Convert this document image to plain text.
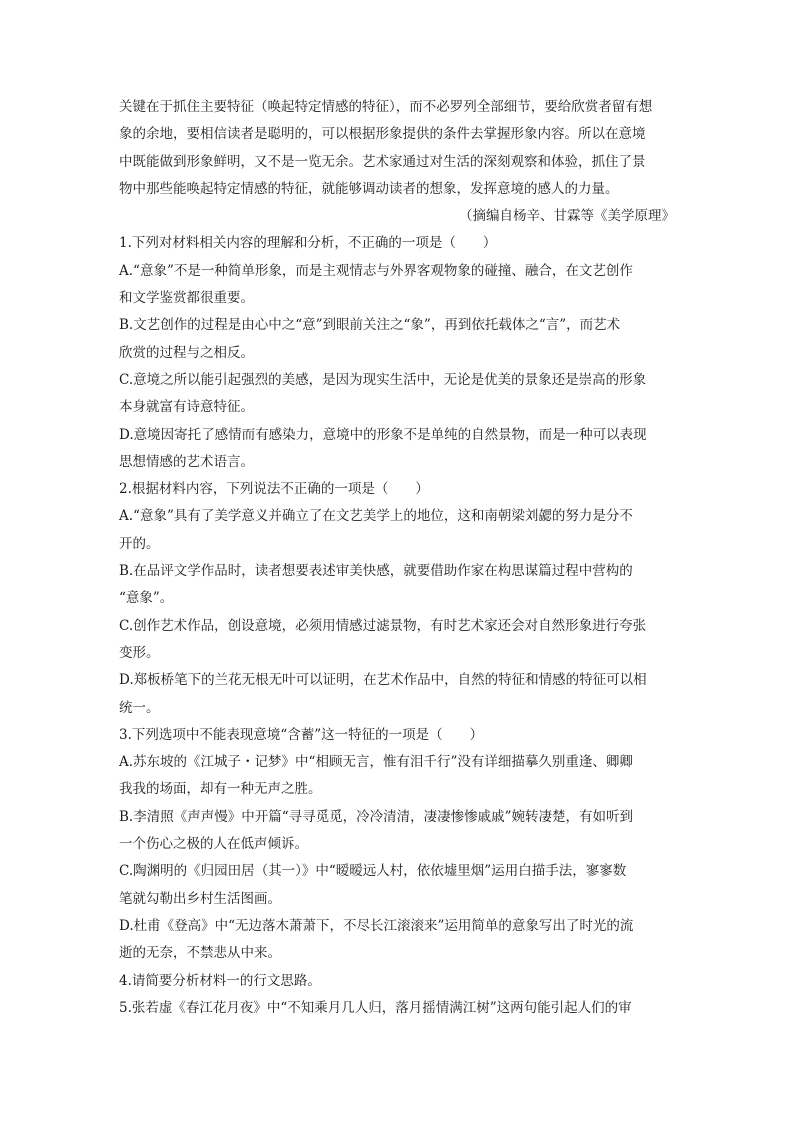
关键在于抓住主要特征（唤起特定情感的特征），而不必罗列全部细节，要给欣赏者留有想

象的余地，要相信读者是聪明的，可以根据形象提供的条件去掌握形象内容。所以在意境

中既能做到形象鲜明，又不是一览无余。艺术家通过对生活的深刻观察和体验，抓住了景

物中那些能唤起特定情感的特征，就能够调动读者的想象，发挥意境的感人的力量。

（摘编自杨辛、甘霖等《美学原理》

1.下列对材料相关内容的理解和分析，不正确的一项是（　　）

A.“意象”不是一种简单形象，而是主观情志与外界客观物象的碰撞、融合，在文艺创作

和文学鉴赏都很重要。

B.文艺创作的过程是由心中之“意”到眼前关注之“象”，再到依托载体之“言”，而艺术

欣赏的过程与之相反。

C.意境之所以能引起强烈的美感，是因为现实生活中，无论是优美的景象还是崇高的形象

本身就富有诗意特征。

D.意境因寄托了感情而有感染力，意境中的形象不是单纯的自然景物，而是一种可以表现

思想情感的艺术语言。

2.根据材料内容，下列说法不正确的一项是（　　）

A.“意象”具有了美学意义并确立了在文艺美学上的地位，这和南朝梁刘勰的努力是分不

开的。

B.在品评文学作品时，读者想要表述审美快感，就要借助作家在构思谋篇过程中营构的

“意象”。

C.创作艺术作品，创设意境，必须用情感过滤景物，有时艺术家还会对自然形象进行夸张

变形。

D.郑板桥笔下的兰花无根无叶可以证明，在艺术作品中，自然的特征和情感的特征可以相

统一。

3.下列选项中不能表现意境“含蓄”这一特征的一项是（　　）

A.苏东坡的《江城子・记梦》中“相顾无言，惟有泪千行”没有详细描摹久别重逢、卿卿

我我的场面，却有一种无声之胜。

B.李清照《声声慢》中开篇“寻寻觅觅，冷冷清清，凄凄惨惨戚戚”婉转凄楚，有如听到

一个伤心之极的人在低声倾诉。

C.陶渊明的《归园田居（其一）》中“暧暧远人村，依依墟里烟”运用白描手法，寥寥数

笔就勾勒出乡村生活图画。

D.杜甫《登高》中“无边落木萧萧下，不尽长江滚滚来”运用简单的意象写出了时光的流

逝的无奈，不禁悲从中来。

4.请简要分析材料一的行文思路。

5.张若虚《春江花月夜》中“不知乘月几人归，落月摇情满江树”这两句能引起人们的审
